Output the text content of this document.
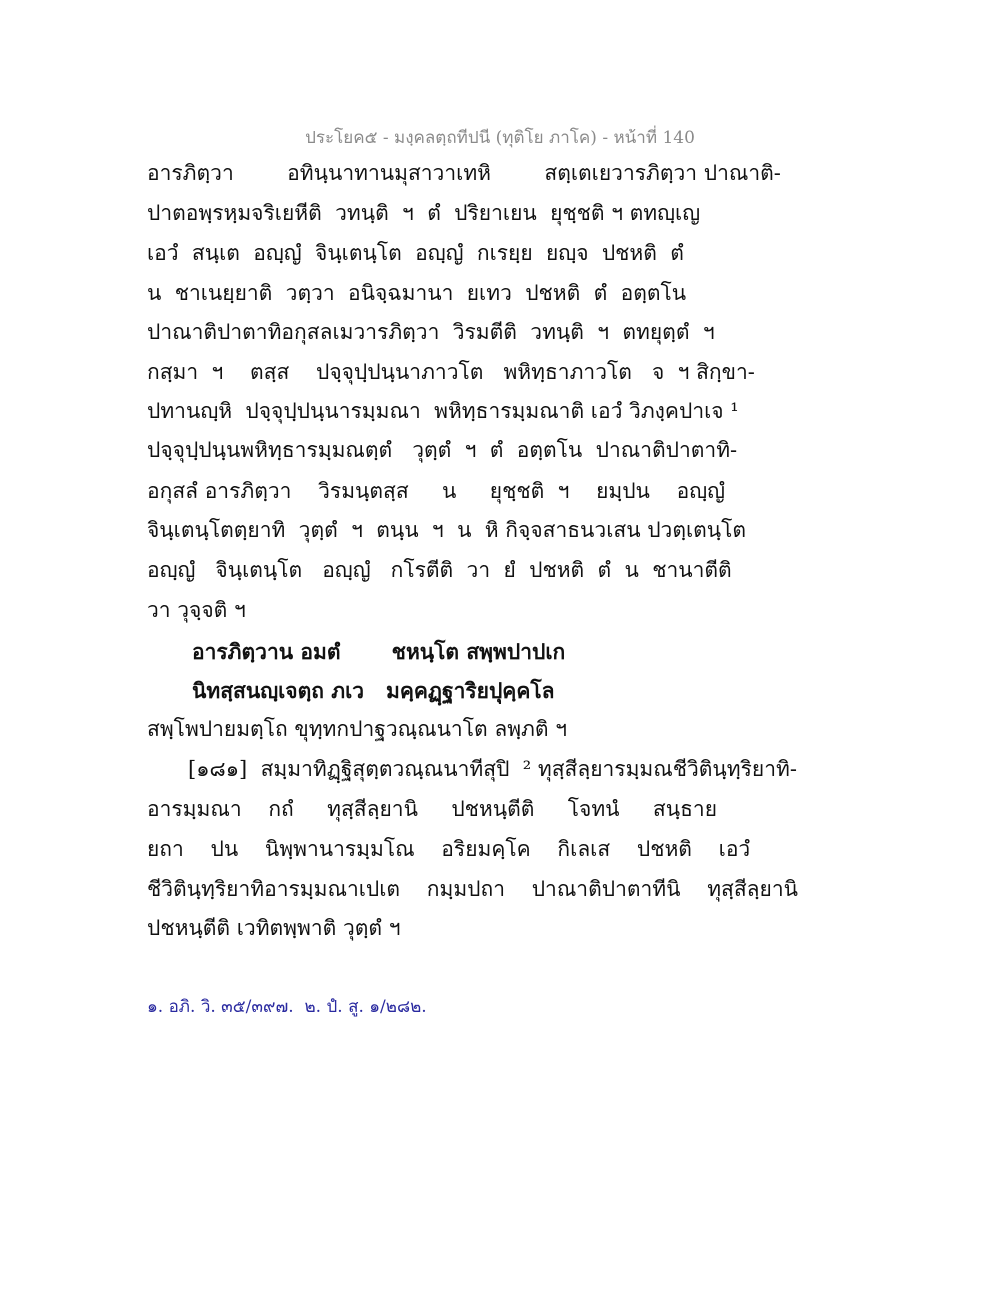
ประโยค๕ - มงฺคลตฺถทีปนี (ทุติโย ภาโค) - หน้าที่ 140
อารภิตฺวา        อทินฺนาทานมุสาวาเทหิ        สตฺเตเยวารภิตฺวา ปาณาติ-
ปาตอพฺรหฺมจริเยหีติ  วทนฺติ  ฯ  ตํ  ปริยาเยน  ยุชฺชติ ฯ ตทญฺเญ
เอวํ  สนฺเต  อญฺญํ  จินฺเตนฺโต  อญฺญํ  กเรยฺย  ยญฺจ  ปชหติ  ตํ
น  ชาเนยฺยาติ  วตฺวา  อนิจฺฉมานา  ยเทว  ปชหติ  ตํ  อตฺตโน
ปาณาติปาตาทิอกุสลเมวารภิตฺวา  วิรมตีติ  วทนฺติ  ฯ  ตทยุตฺตํ  ฯ
กสฺมา  ฯ    ตสฺส    ปจฺจุปฺปนฺนาภาวโต   พหิทฺธาภาวโต   จ  ฯ สิกฺขา-
ปทานญฺหิ  ปจฺจุปฺปนฺนารมฺมณา  พหิทฺธารมฺมณาติ เอวํ วิภงฺคปาเจ ¹
ปจฺจุปฺปนฺนพหิทฺธารมฺมณตฺตํ   วุตฺตํ  ฯ  ตํ  อตฺตโน  ปาณาติปาตาทิ-
อกุสลํ อารภิตฺวา    วิรมนฺตสฺส     น     ยุชฺชติ  ฯ    ยมฺปน    อญฺญํ
จินฺเตนฺโตตฺยาทิ  วุตฺตํ  ฯ  ตนฺน  ฯ  น  หิ กิจฺจสาธนวเสน ปวตฺเตนฺโต
อญฺญํ   จินฺเตนฺโต   อญฺญํ   กโรตีติ  วา  ยํ  ปชหติ  ตํ  น  ชานาตีติ
วา วุจฺจติ ฯ
อารภิตฺวาน อมตํ       ชหนฺโต สพฺพปาปเก
นิทสฺสนญฺเจตฺถ ภเว   มคฺคฏฺฐาริยปุคฺคโล
สพฺโพปายมตฺโถ ขุทฺทกปาฐวณฺณนาโต ลพฺภติ ฯ
[๑๘๑]  สมฺมาทิฏฺฐิสุตฺตวณฺณนาทีสุปิ  ² ทุสฺสีลฺยารมฺมณชีวิตินฺทฺริยาทิ-
อารมฺมณา    กถํ     ทุสฺสีลฺยานิ     ปชหนฺตีติ     โจทนํ     สนฺธาย
ยถา    ปน    นิพฺพานารมฺมโณ    อริยมคฺโค    กิเลเส    ปชหติ    เอวํ
ชีวิตินฺทฺริยาทิอารมฺมณาเปเต    กมฺมปถา    ปาณาติปาตาทีนิ    ทุสฺสีลฺยานิ
ปชหนฺตีติ เวทิตพฺพาติ วุตฺตํ ฯ
๑. อภิ. วิ. ๓๕/๓๙๗.  ๒. ปํ. สู. ๑/๒๘๒.
